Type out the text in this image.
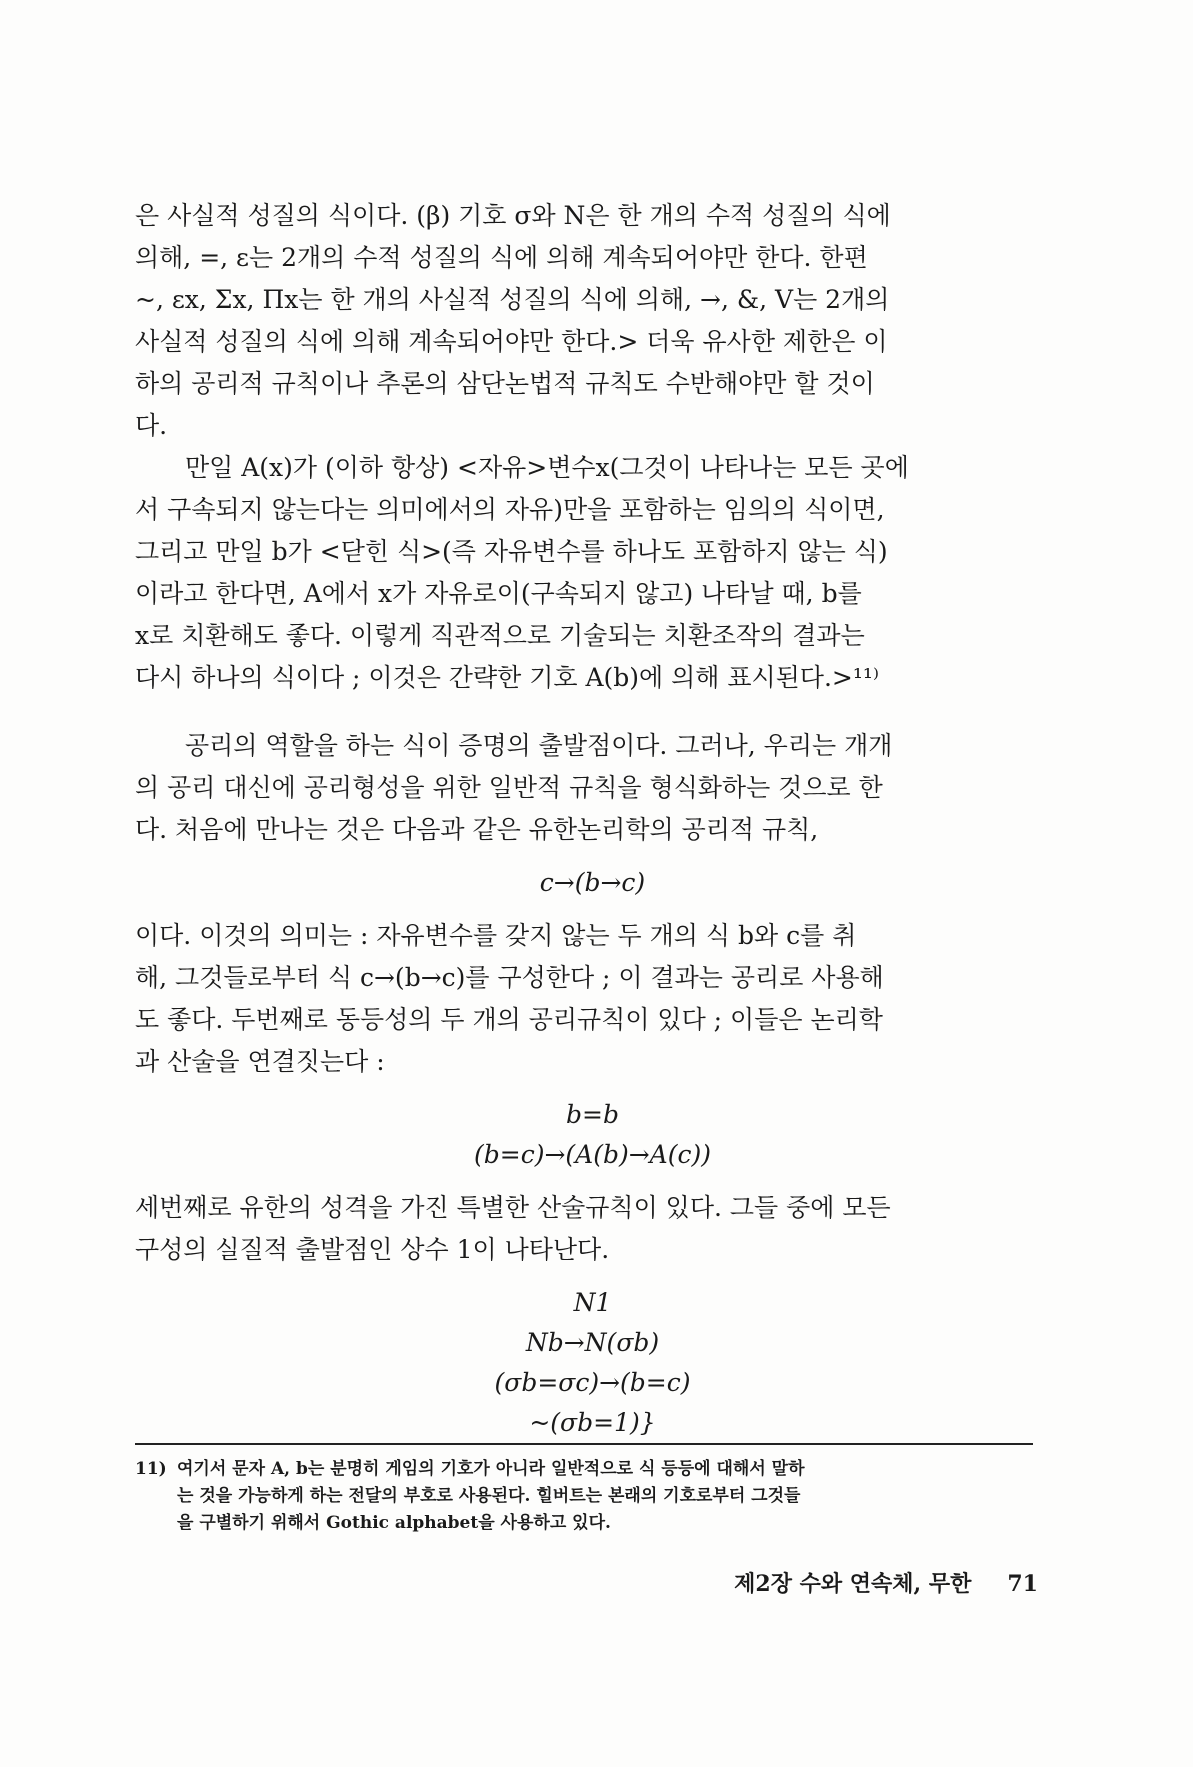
은 사실적 성질의 식이다. (β) 기호 σ와 N은 한 개의 수적 성질의 식에

의해, =, ε는 2개의 수적 성질의 식에 의해 계속되어야만 한다. 한편

~, εx, Σx, Πx는 한 개의 사실적 성질의 식에 의해, →, &, V는 2개의

사실적 성질의 식에 의해 계속되어야만 한다.> 더욱 유사한 제한은 이

하의 공리적 규칙이나 추론의 삼단논법적 규칙도 수반해야만 할 것이

다.

만일 A(x)가 (이하 항상) <자유>변수x(그것이 나타나는 모든 곳에

서 구속되지 않는다는 의미에서의 자유)만을 포함하는 임의의 식이면,

그리고 만일 b가 <닫힌 식>(즉 자유변수를 하나도 포함하지 않는 식)

이라고 한다면, A에서 x가 자유로이(구속되지 않고) 나타날 때, b를

x로 치환해도 좋다. 이렇게 직관적으로 기술되는 치환조작의 결과는

다시 하나의 식이다 ; 이것은 간략한 기호 A(b)에 의해 표시된다.>¹¹⁾

공리의 역할을 하는 식이 증명의 출발점이다. 그러나, 우리는 개개

의 공리 대신에 공리형성을 위한 일반적 규칙을 형식화하는 것으로 한

다. 처음에 만나는 것은 다음과 같은 유한논리학의 공리적 규칙,

c→(b→c)

이다. 이것의 의미는 : 자유변수를 갖지 않는 두 개의 식 b와 c를 취

해, 그것들로부터 식 c→(b→c)를 구성한다 ; 이 결과는 공리로 사용해

도 좋다. 두번째로 동등성의 두 개의 공리규칙이 있다 ; 이들은 논리학

과 산술을 연결짓는다 :

b=b
(b=c)→(A(b)→A(c))

세번째로 유한의 성격을 가진 특별한 산술규칙이 있다. 그들 중에 모든

구성의 실질적 출발점인 상수 1이 나타난다.

N1
Nb→N(σb)
(σb=σc)→(b=c)
~(σb=1)}

11) 여기서 문자 A, b는 분명히 게임의 기호가 아니라 일반적으로 식 등등에 대해서 말하

는 것을 가능하게 하는 전달의 부호로 사용된다. 힐버트는 본래의 기호로부터 그것들

을 구별하기 위해서 Gothic alphabet을 사용하고 있다.

제2장 수와 연속체, 무한 71
